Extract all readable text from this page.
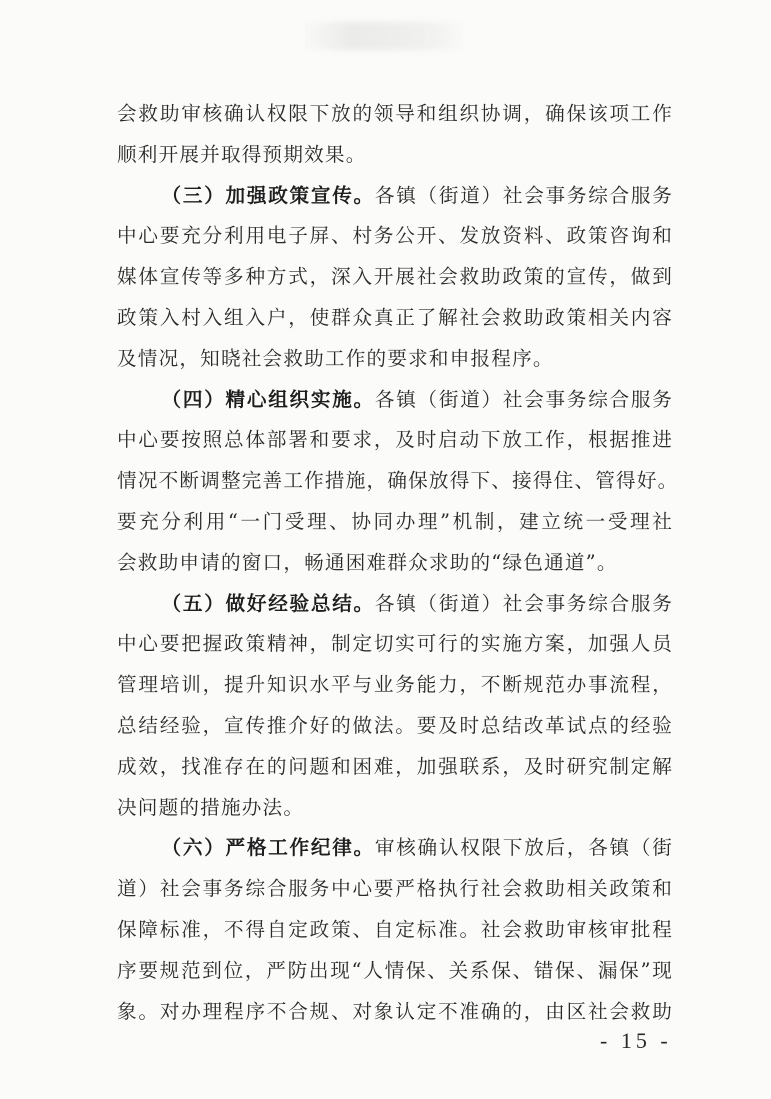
会救助审核确认权限下放的领导和组织协调，确保该项工作
顺利开展并取得预期效果。
（三）加强政策宣传。各镇（街道）社会事务综合服务
中心要充分利用电子屏、村务公开、发放资料、政策咨询和
媒体宣传等多种方式，深入开展社会救助政策的宣传，做到
政策入村入组入户，使群众真正了解社会救助政策相关内容
及情况，知晓社会救助工作的要求和申报程序。
（四）精心组织实施。各镇（街道）社会事务综合服务
中心要按照总体部署和要求，及时启动下放工作，根据推进
情况不断调整完善工作措施，确保放得下、接得住、管得好。
要充分利用“一门受理、协同办理”机制，建立统一受理社
会救助申请的窗口，畅通困难群众求助的“绿色通道”。
（五）做好经验总结。各镇（街道）社会事务综合服务
中心要把握政策精神，制定切实可行的实施方案，加强人员
管理培训，提升知识水平与业务能力，不断规范办事流程，
总结经验，宣传推介好的做法。要及时总结改革试点的经验
成效，找准存在的问题和困难，加强联系，及时研究制定解
决问题的措施办法。
（六）严格工作纪律。审核确认权限下放后，各镇（街
道）社会事务综合服务中心要严格执行社会救助相关政策和
保障标准，不得自定政策、自定标准。社会救助审核审批程
序要规范到位，严防出现“人情保、关系保、错保、漏保”现
象。对办理程序不合规、对象认定不准确的，由区社会救助
- 15 -
